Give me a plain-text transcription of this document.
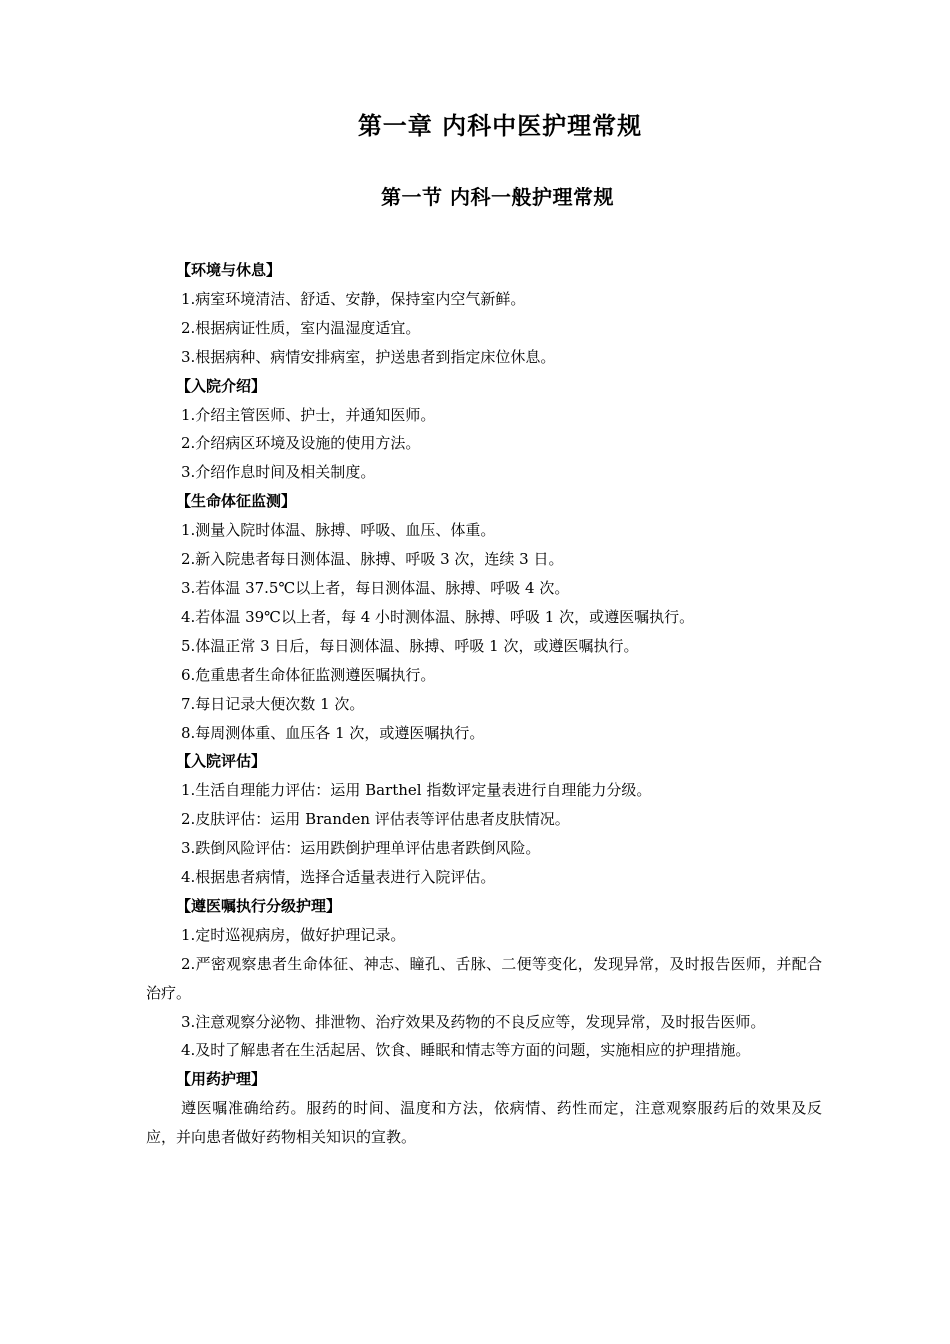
第一章 内科中医护理常规
第一节 内科一般护理常规
【环境与休息】
1.病室环境清洁、舒适、安静，保持室内空气新鲜。
2.根据病证性质，室内温湿度适宜。
3.根据病种、病情安排病室，护送患者到指定床位休息。
【入院介绍】
1.介绍主管医师、护士，并通知医师。
2.介绍病区环境及设施的使用方法。
3.介绍作息时间及相关制度。
【生命体征监测】
1.测量入院时体温、脉搏、呼吸、血压、体重。
2.新入院患者每日测体温、脉搏、呼吸 3 次，连续 3 日。
3.若体温 37.5℃以上者，每日测体温、脉搏、呼吸 4 次。
4.若体温 39℃以上者，每 4 小时测体温、脉搏、呼吸 1 次，或遵医嘱执行。
5.体温正常 3 日后，每日测体温、脉搏、呼吸 1 次，或遵医嘱执行。
6.危重患者生命体征监测遵医嘱执行。
7.每日记录大便次数 1 次。
8.每周测体重、血压各 1 次，或遵医嘱执行。
【入院评估】
1.生活自理能力评估：运用 Barthel 指数评定量表进行自理能力分级。
2.皮肤评估：运用 Branden 评估表等评估患者皮肤情况。
3.跌倒风险评估：运用跌倒护理单评估患者跌倒风险。
4.根据患者病情，选择合适量表进行入院评估。
【遵医嘱执行分级护理】
1.定时巡视病房，做好护理记录。
2.严密观察患者生命体征、神志、瞳孔、舌脉、二便等变化，发现异常，及时报告医师，并配合治疗。
3.注意观察分泌物、排泄物、治疗效果及药物的不良反应等，发现异常，及时报告医师。
4.及时了解患者在生活起居、饮食、睡眠和情志等方面的问题，实施相应的护理措施。
【用药护理】
遵医嘱准确给药。服药的时间、温度和方法，依病情、药性而定，注意观察服药后的效果及反应，并向患者做好药物相关知识的宣教。
